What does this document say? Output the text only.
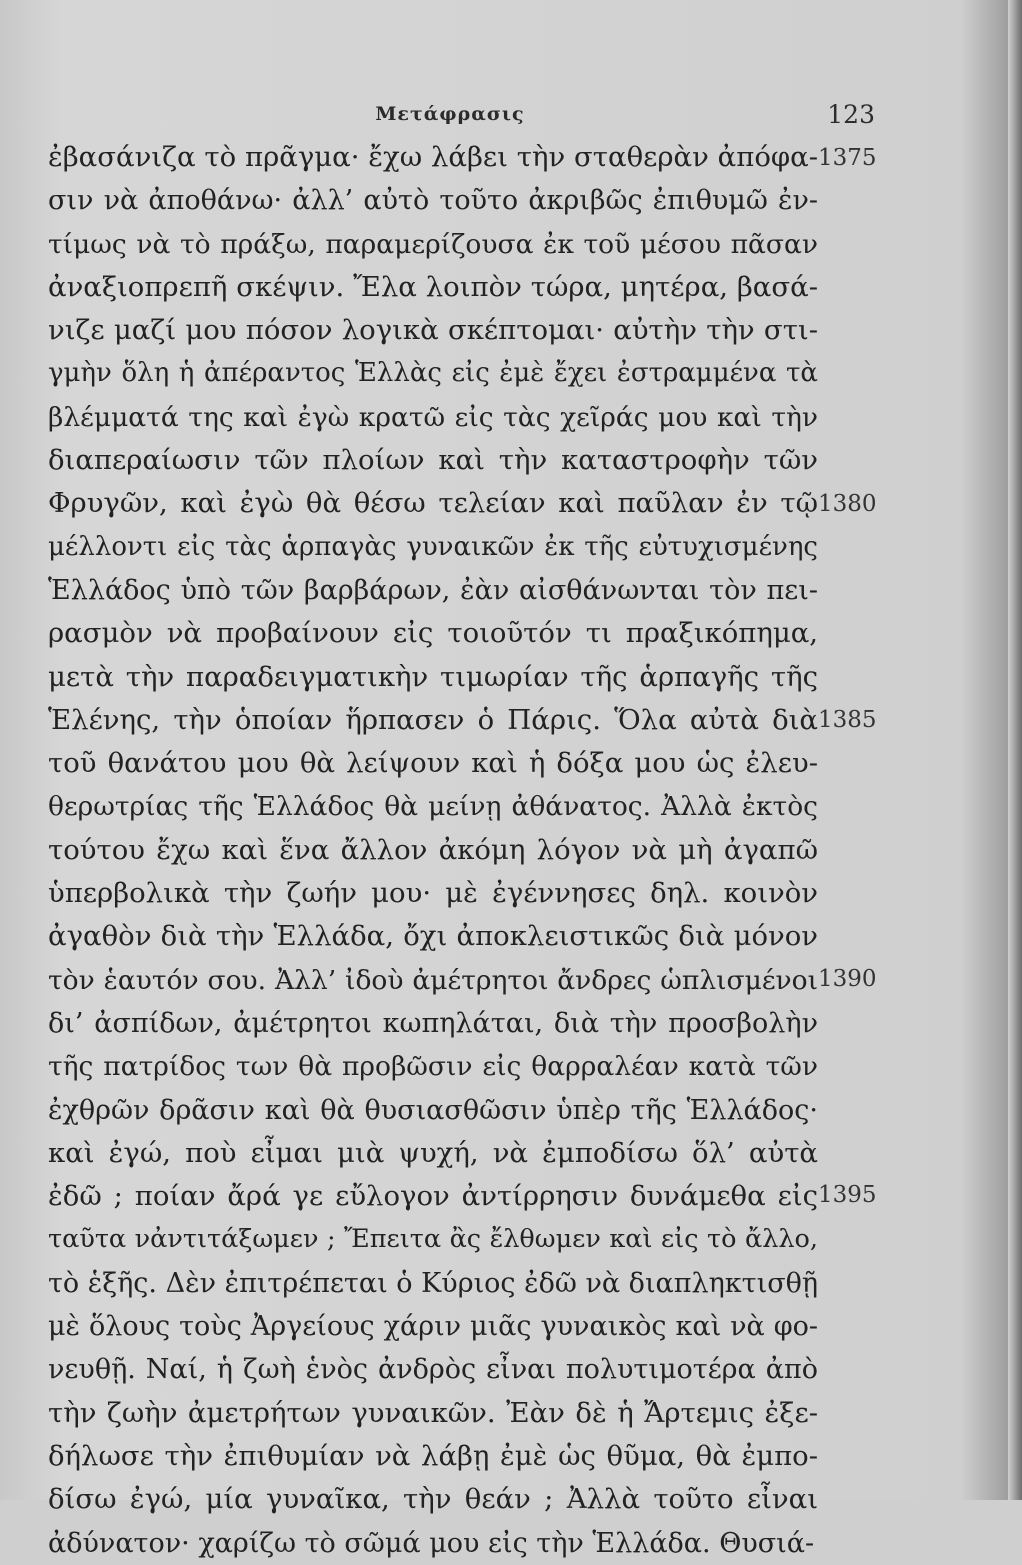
Μετάφρασις	123
ἐβασάνιζα τὸ πρᾶγμα· ἔχω λάβει τὴν σταθερὰν ἀπόφα-
σιν νὰ ἀποθάνω· ἀλλ’ αὐτὸ τοῦτο ἀκριβῶς ἐπιθυμῶ ἐν-
τίμως νὰ τὸ πράξω, παραμερίζουσα ἐκ τοῦ μέσου πᾶσαν
ἀναξιοπρεπῆ σκέψιν. Ἔλα λοιπὸν τώρα, μητέρα, βασά-
νιζε μαζί μου πόσον λογικὰ σκέπτομαι· αὐτὴν τὴν στι-
γμὴν ὅλη ἡ ἀπέραντος Ἑλλὰς εἰς ἐμὲ ἔχει ἐστραμμένα τὰ
βλέμματά της καὶ ἐγὼ κρατῶ εἰς τὰς χεῖράς μου καὶ τὴν
διαπεραίωσιν τῶν πλοίων καὶ τὴν καταστροφὴν τῶν
Φρυγῶν, καὶ ἐγὼ θὰ θέσω τελείαν καὶ παῦλαν ἐν τῷ
μέλλοντι εἰς τὰς ἁρπαγὰς γυναικῶν ἐκ τῆς εὐτυχισμένης
Ἑλλάδος ὑπὸ τῶν βαρβάρων, ἐὰν αἰσθάνωνται τὸν πει-
ρασμὸν νὰ προβαίνουν εἰς τοιοῦτόν τι πραξικόπημα,
μετὰ τὴν παραδειγματικὴν τιμωρίαν τῆς ἁρπαγῆς τῆς
Ἑλένης, τὴν ὁποίαν ἥρπασεν ὁ Πάρις. Ὅλα αὐτὰ διὰ
τοῦ θανάτου μου θὰ λείψουν καὶ ἡ δόξα μου ὡς ἐλευ-
θερωτρίας τῆς Ἑλλάδος θὰ μείνῃ ἀθάνατος. Ἀλλὰ ἐκτὸς
τούτου ἔχω καὶ ἕνα ἄλλον ἀκόμη λόγον νὰ μὴ ἀγαπῶ
ὑπερβολικὰ τὴν ζωήν μου· μὲ ἐγέννησες δηλ. κοινὸν
ἀγαθὸν διὰ τὴν Ἑλλάδα, ὄχι ἀποκλειστικῶς διὰ μόνον
τὸν ἑαυτόν σου. Ἀλλ’ ἰδοὺ ἀμέτρητοι ἄνδρες ὡπλισμένοι
δι’ ἀσπίδων, ἀμέτρητοι κωπηλάται, διὰ τὴν προσβολὴν
τῆς πατρίδος των θὰ προβῶσιν εἰς θαρραλέαν κατὰ τῶν
ἐχθρῶν δρᾶσιν καὶ θὰ θυσιασθῶσιν ὑπὲρ τῆς Ἑλλάδος·
καὶ ἐγώ, ποὺ εἶμαι μιὰ ψυχή, νὰ ἐμποδίσω ὅλ’ αὐτὰ
ἐδῶ ; ποίαν ἄρά γε εὔλογον ἀντίρρησιν δυνάμεθα εἰς
ταῦτα νἀντιτάξωμεν ; Ἔπειτα ἂς ἔλθωμεν καὶ εἰς τὸ ἄλλο,
τὸ ἑξῆς. Δὲν ἐπιτρέπεται ὁ Κύριος ἐδῶ νὰ διαπληκτισθῇ
μὲ ὅλους τοὺς Ἀργείους χάριν μιᾶς γυναικὸς καὶ νὰ φο-
νευθῇ. Ναί, ἡ ζωὴ ἑνὸς ἀνδρὸς εἶναι πολυτιμοτέρα ἀπὸ
τὴν ζωὴν ἀμετρήτων γυναικῶν. Ἐὰν δὲ ἡ Ἄρτεμις ἐξε-
δήλωσε τὴν ἐπιθυμίαν νὰ λάβῃ ἐμὲ ὡς θῦμα, θὰ ἐμπο-
δίσω ἐγώ, μία γυναῖκα, τὴν θεάν ; Ἀλλὰ τοῦτο εἶναι
ἀδύνατον· χαρίζω τὸ σῶμά μου εἰς τὴν Ἑλλάδα. Θυσιά-
1375
1380
1385
1390
1395
